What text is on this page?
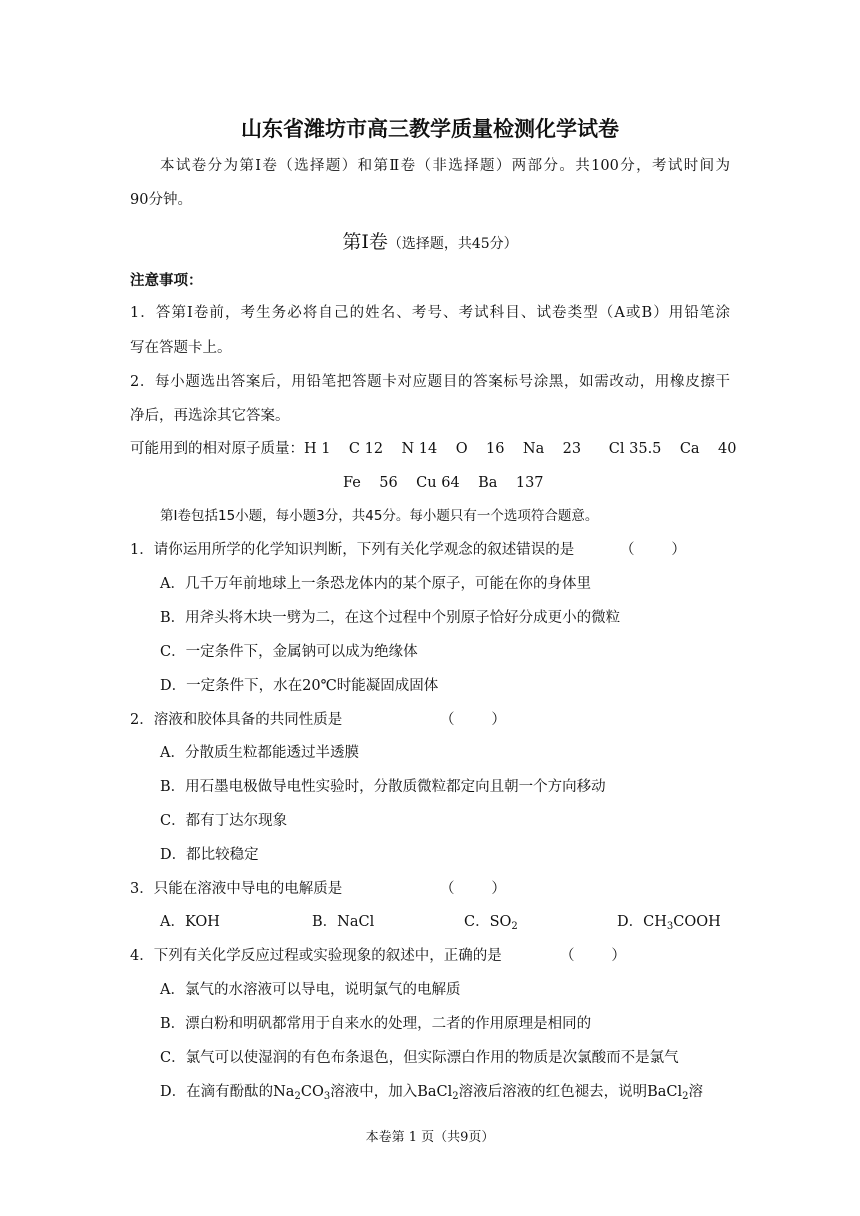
山东省潍坊市高三教学质量检测化学试卷
本试卷分为第Ⅰ卷（选择题）和第Ⅱ卷（非选择题）两部分。共100分，考试时间为
90分钟。
第Ⅰ卷（选择题，共45分）
注意事项：
1．答第Ⅰ卷前，考生务必将自己的姓名、考号、考试科目、试卷类型（A或B）用铅笔涂
写在答题卡上。
2．每小题选出答案后，用铅笔把答题卡对应题目的答案标号涂黑，如需改动，用橡皮擦干
净后，再选涂其它答案。
可能用到的相对原子质量：H 1    C 12    N 14    O    16    Na    23      Cl 35.5    Ca    40
Fe    56    Cu 64    Ba    137
第Ⅰ卷包括15小题，每小题3分，共45分。每小题只有一个选项符合题意。
1．请你运用所学的化学知识判断，下列有关化学观念的叙述错误的是	（        ）
A．几千万年前地球上一条恐龙体内的某个原子，可能在你的身体里
B．用斧头将木块一劈为二，在这个过程中个别原子恰好分成更小的微粒
C．一定条件下，金属钠可以成为绝缘体
D．一定条件下，水在20℃时能凝固成固体
2．溶液和胶体具备的共同性质是	（        ）
A．分散质生粒都能透过半透膜
B．用石墨电极做导电性实验时，分散质微粒都定向且朝一个方向移动
C．都有丁达尔现象
D．都比较稳定
3．只能在溶液中导电的电解质是	（        ）
A．KOH	B．NaCl	C．$SO_2$	D．$CH_3COOH$
4．下列有关化学反应过程或实验现象的叙述中，正确的是	（        ）
A．氯气的水溶液可以导电，说明氯气的电解质
B．漂白粉和明矾都常用于自来水的处理，二者的作用原理是相同的
C．氯气可以使湿润的有色布条退色，但实际漂白作用的物质是次氯酸而不是氯气
D．在滴有酚酞的$Na_2CO_3$溶液中，加入BaCl$_2$溶液后溶液的红色褪去，说明BaCl$_2$溶
本卷第 1 页（共9页）
